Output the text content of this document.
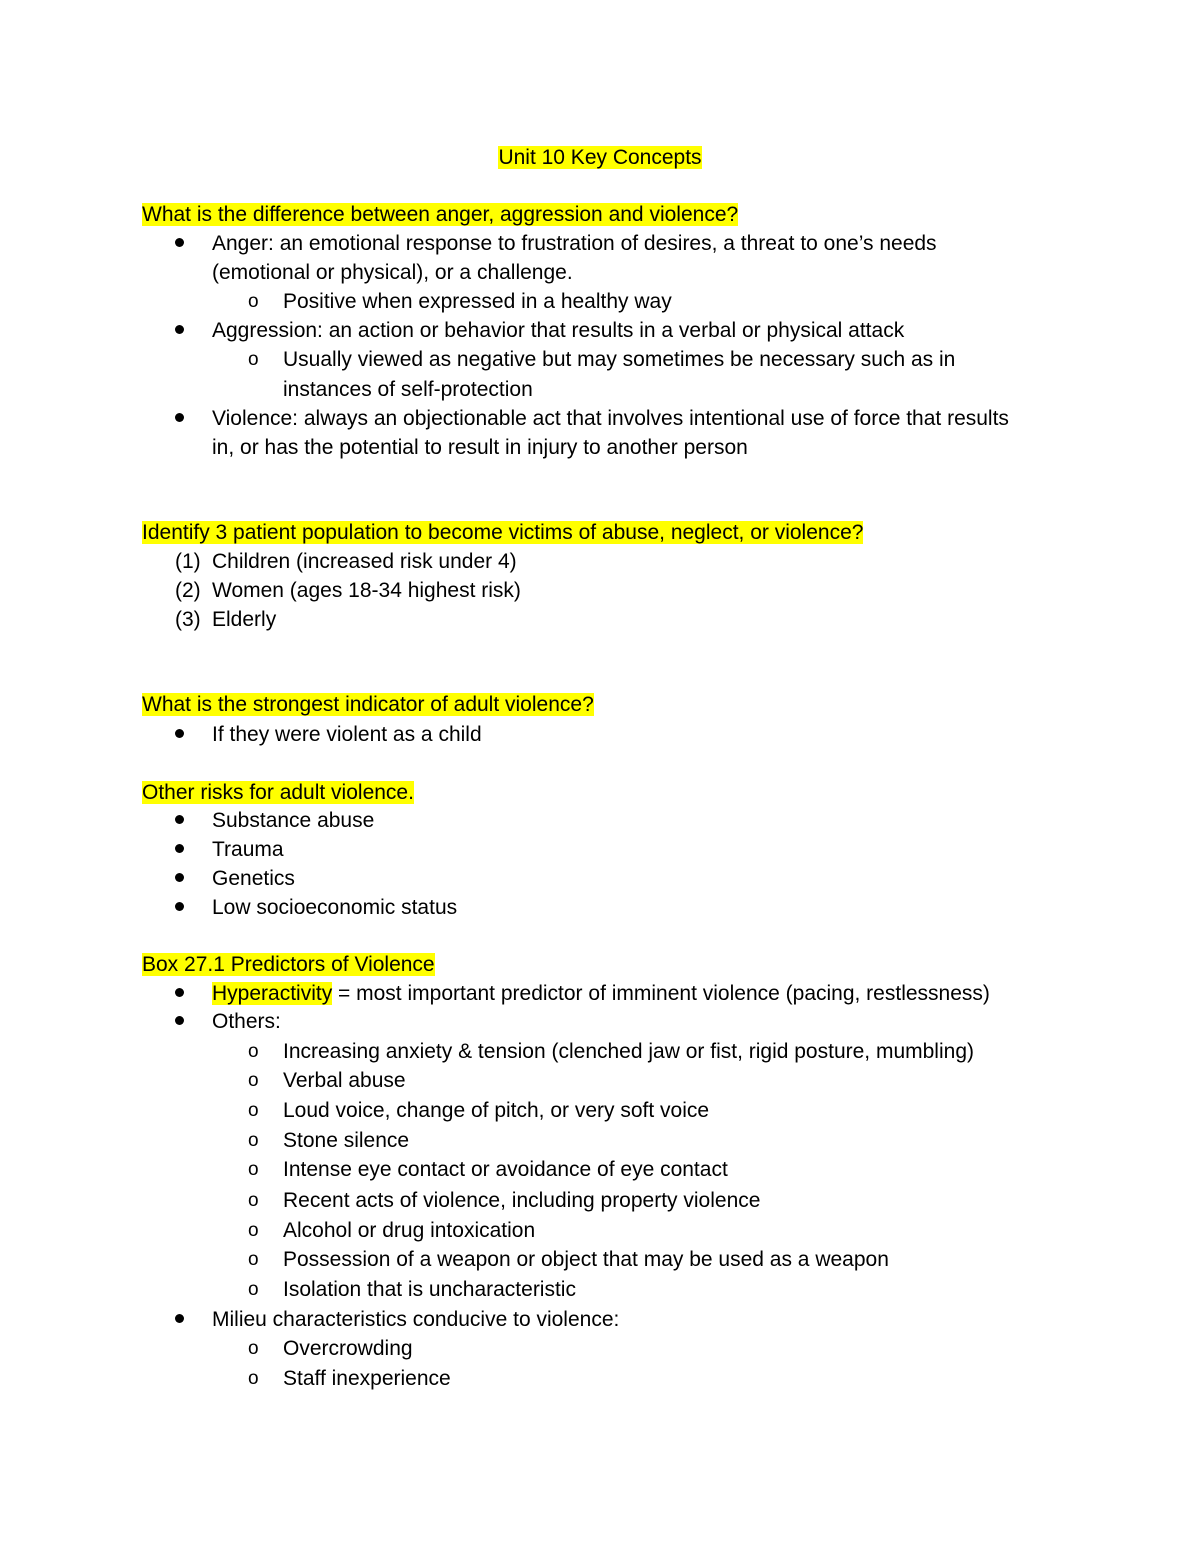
Unit 10 Key Concepts
What is the difference between anger, aggression and violence?
Anger: an emotional response to frustration of desires, a threat to one’s needs
(emotional or physical), or a challenge.
o Positive when expressed in a healthy way
Aggression: an action or behavior that results in a verbal or physical attack
o Usually viewed as negative but may sometimes be necessary such as in
instances of self-protection
Violence: always an objectionable act that involves intentional use of force that results
in, or has the potential to result in injury to another person
Identify 3 patient population to become victims of abuse, neglect, or violence?
(1) Children (increased risk under 4)
(2) Women (ages 18-34 highest risk)
(3) Elderly
What is the strongest indicator of adult violence?
If they were violent as a child
Other risks for adult violence.
Substance abuse
Trauma
Genetics
Low socioeconomic status
Box 27.1 Predictors of Violence
Hyperactivity = most important predictor of imminent violence (pacing, restlessness)
Others:
o Increasing anxiety & tension (clenched jaw or fist, rigid posture, mumbling)
o Verbal abuse
o Loud voice, change of pitch, or very soft voice
o Stone silence
o Intense eye contact or avoidance of eye contact
o Recent acts of violence, including property violence
o Alcohol or drug intoxication
o Possession of a weapon or object that may be used as a weapon
o Isolation that is uncharacteristic
Milieu characteristics conducive to violence:
o Overcrowding
o Staff inexperience
